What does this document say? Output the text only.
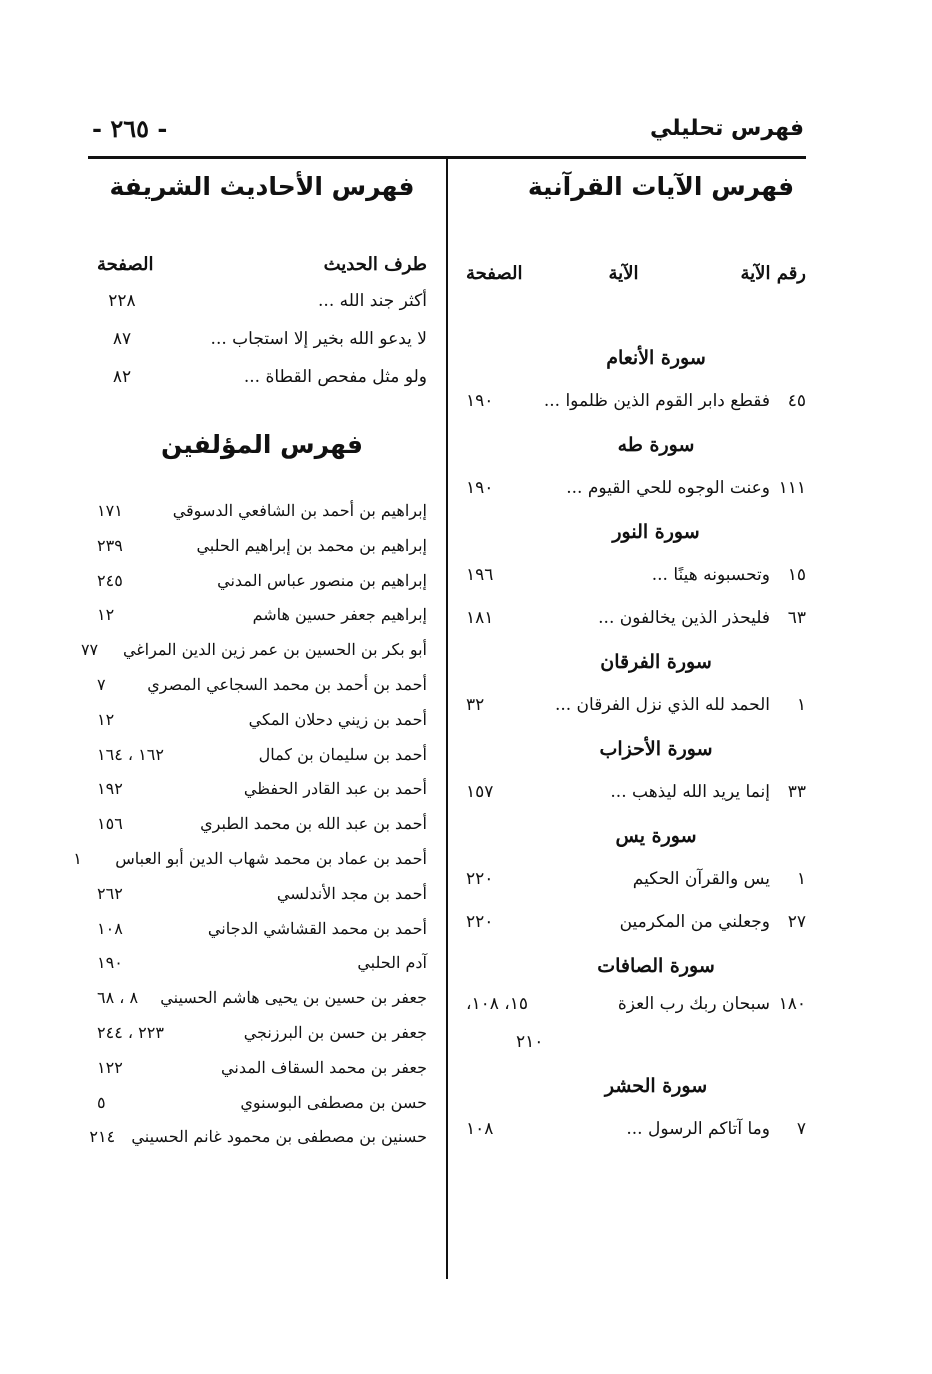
فهرس تحليلي
- ٢٦٥ -
فهرس الآيات القرآنية
رقم الآية
الآية
الصفحة
سورة الأنعام
٤٥
فقطع دابر القوم الذين ظلموا ...
١٩٠
سورة طه
١١١
وعنت الوجوه للحي القيوم ...
١٩٠
سورة النور
١٥
وتحسبونه هينًا ...
١٩٦
٦٣
فليحذر الذين يخالفون ...
١٨١
سورة الفرقان
١
الحمد لله الذي نزل الفرقان ...
٣٢
سورة الأحزاب
٣٣
إنما يريد الله ليذهب ...
١٥٧
سورة يس
١
يس والقرآن الحكيم
٢٢٠
٢٧
وجعلني من المكرمين
٢٢٠
سورة الصافات
١٨٠
سبحان ربك رب العزة
١٥، ١٠٨،
٢١٠
سورة الحشر
٧
وما آتاكم الرسول ...
١٠٨
فهرس الأحاديث الشريفة
طرف الحديث
الصفحة
أكثر جند الله ...
٢٢٨
لا يدعو الله بخير إلا استجاب ...
٨٧
ولو مثل مفحص القطاة ...
٨٢
فهرس المؤلفين
إبراهيم بن أحمد بن الشافعي الدسوقي
١٧١
إبراهيم بن محمد بن إبراهيم الحلبي
٢٣٩
إبراهيم بن منصور عباس المدني
٢٤٥
إبراهيم جعفر حسين هاشم
١٢
أبو بكر بن الحسين بن عمر زين الدين المراغي
٧٧
أحمد بن أحمد بن محمد السجاعي المصري
٧
أحمد بن زيني دحلان المكي
١٢
أحمد بن سليمان بن كمال
١٦٢ ، ١٦٤
أحمد بن عبد القادر الحفظي
١٩٢
أحمد بن عبد الله بن محمد الطبري
١٥٦
أحمد بن عماد بن محمد شهاب الدين أبو العباس
١
أحمد بن مجد الأندلسي
٢٦٢
أحمد بن محمد القشاشي الدجاني
١٠٨
آدم الحلبي
١٩٠
جعفر بن حسين بن يحيى هاشم الحسيني
٨ ، ٦٨
جعفر بن حسن بن البرزنجي
٢٢٣ ، ٢٤٤
جعفر بن محمد السقاف المدني
١٢٢
حسن بن مصطفى البوسنوي
٥
حسنين بن مصطفى بن محمود غانم الحسيني
٢١٤
